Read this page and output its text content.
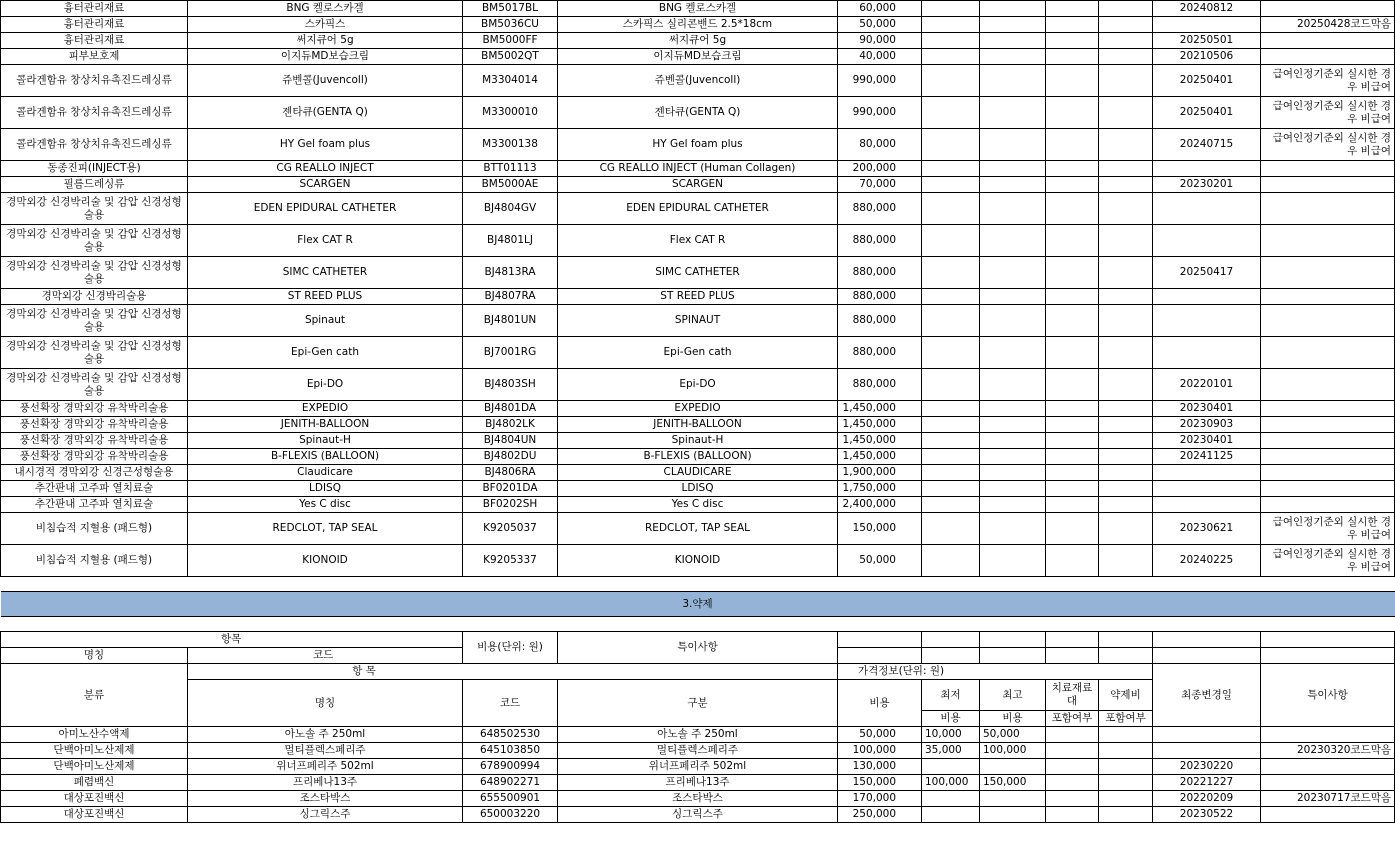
흉터관리재료	BNG 켈로스카겔	BM5017BL	BNG 켈로스카겔	60,000					20240812	
흉터관리재료	스카픽스	BM5036CU	스카픽스 실리콘밴드 2.5*18cm	50,000						20250428코드막음
흉터관리재료	써지큐어 5g	BM5000FF	써지큐어 5g	90,000					20250501	
피부보호제	이지듀MD보습크림	BM5002QT	이지듀MD보습크림	40,000					20210506	
콜라겐함유 창상치유촉진드레싱류	쥬벤콜(Juvencoll)	M3304014	쥬벤콜(Juvencoll)	990,000					20250401	급여인정기준외 실시한 경우 비급여
콜라겐함유 창상치유촉진드레싱류	젠타큐(GENTA Q)	M3300010	젠타큐(GENTA Q)	990,000					20250401	급여인정기준외 실시한 경우 비급여
콜라겐함유 창상치유촉진드레싱류	HY Gel foam plus	M3300138	HY Gel foam plus	80,000					20240715	급여인정기준외 실시한 경우 비급여
동종진피(INJECT용)	CG REALLO INJECT	BTT01113	CG REALLO INJECT (Human Collagen)	200,000						
필름드레싱류	SCARGEN	BM5000AE	SCARGEN	70,000					20230201	
경막외강 신경박리술 및 감압 신경성형술용	EDEN EPIDURAL CATHETER	BJ4804GV	EDEN EPIDURAL CATHETER	880,000						
경막외강 신경박리술 및 감압 신경성형술용	Flex CAT R	BJ4801LJ	Flex CAT R	880,000						
경막외강 신경박리술 및 감압 신경성형술용	SIMC CATHETER	BJ4813RA	SIMC CATHETER	880,000					20250417	
경막외강 신경박리술용	ST REED PLUS	BJ4807RA	ST REED PLUS	880,000						
경막외강 신경박리술 및 감압 신경성형술용	Spinaut	BJ4801UN	SPINAUT	880,000						
경막외강 신경박리술 및 감압 신경성형술용	Epi-Gen cath	BJ7001RG	Epi-Gen cath	880,000						
경막외강 신경박리술 및 감압 신경성형술용	Epi-DO	BJ4803SH	Epi-DO	880,000					20220101	
풍선확장 경막외강 유착박리술용	EXPEDIO	BJ4801DA	EXPEDIO	1,450,000					20230401	
풍선확장 경막외강 유착박리술용	JENITH-BALLOON	BJ4802LK	JENITH-BALLOON	1,450,000					20230903	
풍선확장 경막외강 유착박리술용	Spinaut-H	BJ4804UN	Spinaut-H	1,450,000					20230401	
풍선확장 경막외강 유착박리술용	B-FLEXIS (BALLOON)	BJ4802DU	B-FLEXIS (BALLOON)	1,450,000					20241125	
내시경적 경막외강 신경근성형술용	Claudicare	BJ4806RA	CLAUDICARE	1,900,000						
추간판내 고주파 열치료술	LDISQ	BF0201DA	LDISQ	1,750,000						
추간판내 고주파 열치료술	Yes C disc	BF0202SH	Yes C disc	2,400,000						
비침습적 지혈용 (패드형)	REDCLOT, TAP SEAL	K9205037	REDCLOT, TAP SEAL	150,000					20230621	급여인정기준외 실시한 경우 비급여
비침습적 지혈용 (패드형)	KIONOID	K9205337	KIONOID	50,000					20240225	급여인정기준외 실시한 경우 비급여

3.약제										

항목		비용(단위: 원)	특이사항							
명칭	코드									
분류	항 목			가격정보(단위: 원)					최종변경일	특이사항
	명칭	코드	구분	비용	최저	최고	치료재료대	약제비		
					비용	비용	포함여부	포함여부		
아미노산수액제	아노솔 주 250ml	648502530	아노솔 주 250ml	50,000	10,000	50,000				
단백아미노산제제	멀티플렉스페리주	645103850	멀티플렉스페리주	100,000	35,000	100,000				20230320코드막음
단백아미노산제제	위너프페리주 502ml	678900994	위너프페리주 502ml	130,000					20230220	
폐렴백신	프리베나13주	648902271	프리베나13주	150,000	100,000	150,000			20221227	
대상포진백신	조스타박스	655500901	조스타박스	170,000					20220209	20230717코드막음
대상포진백신	싱그릭스주	650003220	싱그릭스주	250,000					20230522	
